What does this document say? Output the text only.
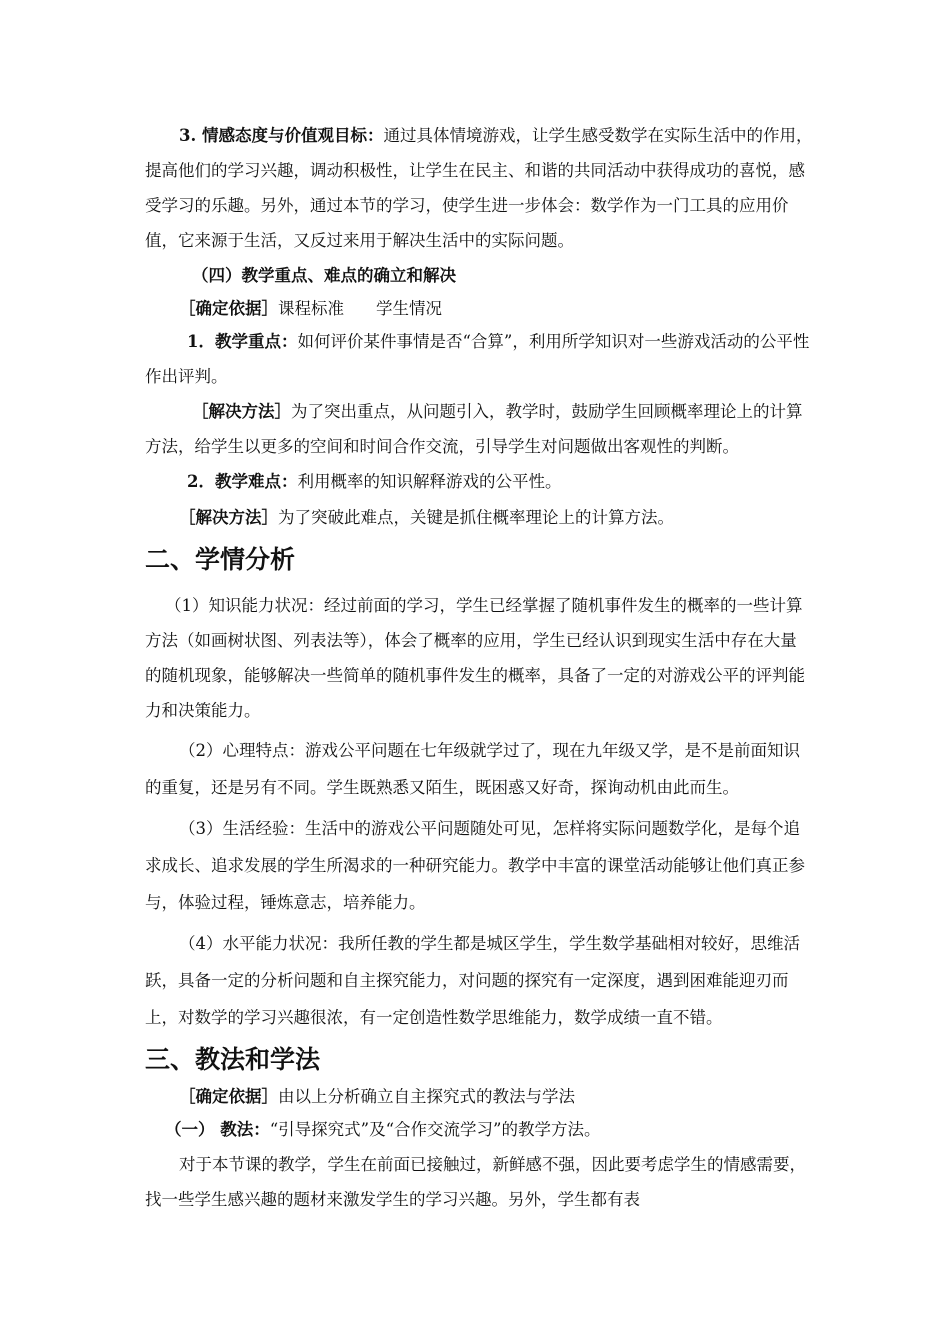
3. 情感态度与价值观目标：通过具体情境游戏，让学生感受数学在实际生活中的作用，提高他们的学习兴趣，调动积极性，让学生在民主、和谐的共同活动中获得成功的喜悦，感受学习的乐趣。另外，通过本节的学习，使学生进一步体会：数学作为一门工具的应用价值，它来源于生活，又反过来用于解决生活中的实际问题。

（四）教学重点、难点的确立和解决

［确定依据］课程标准 学生情况

1．教学重点：如何评价某件事情是否“合算”，利用所学知识对一些游戏活动的公平性作出评判。

［解决方法］为了突出重点，从问题引入，教学时，鼓励学生回顾概率理论上的计算方法，给学生以更多的空间和时间合作交流，引导学生对问题做出客观性的判断。

2．教学难点：利用概率的知识解释游戏的公平性。

［解决方法］为了突破此难点，关键是抓住概率理论上的计算方法。

二、学情分析

（1）知识能力状况：经过前面的学习，学生已经掌握了随机事件发生的概率的一些计算方法（如画树状图、列表法等），体会了概率的应用，学生已经认识到现实生活中存在大量的随机现象，能够解决一些简单的随机事件发生的概率，具备了一定的对游戏公平的评判能力和决策能力。

（2）心理特点：游戏公平问题在七年级就学过了，现在九年级又学，是不是前面知识的重复，还是另有不同。学生既熟悉又陌生，既困惑又好奇，探询动机由此而生。

（3）生活经验：生活中的游戏公平问题随处可见，怎样将实际问题数学化，是每个追求成长、追求发展的学生所渴求的一种研究能力。教学中丰富的课堂活动能够让他们真正参与，体验过程，锤炼意志，培养能力。

（4）水平能力状况：我所任教的学生都是城区学生，学生数学基础相对较好，思维活跃，具备一定的分析问题和自主探究能力，对问题的探究有一定深度，遇到困难能迎刃而上，对数学的学习兴趣很浓，有一定创造性数学思维能力，数学成绩一直不错。

三、教法和学法

［确定依据］由以上分析确立自主探究式的教法与学法

（一） 教法：“引导探究式”及“合作交流学习”的教学方法。

对于本节课的教学，学生在前面已接触过，新鲜感不强，因此要考虑学生的情感需要，找一些学生感兴趣的题材来激发学生的学习兴趣。另外，学生都有表
